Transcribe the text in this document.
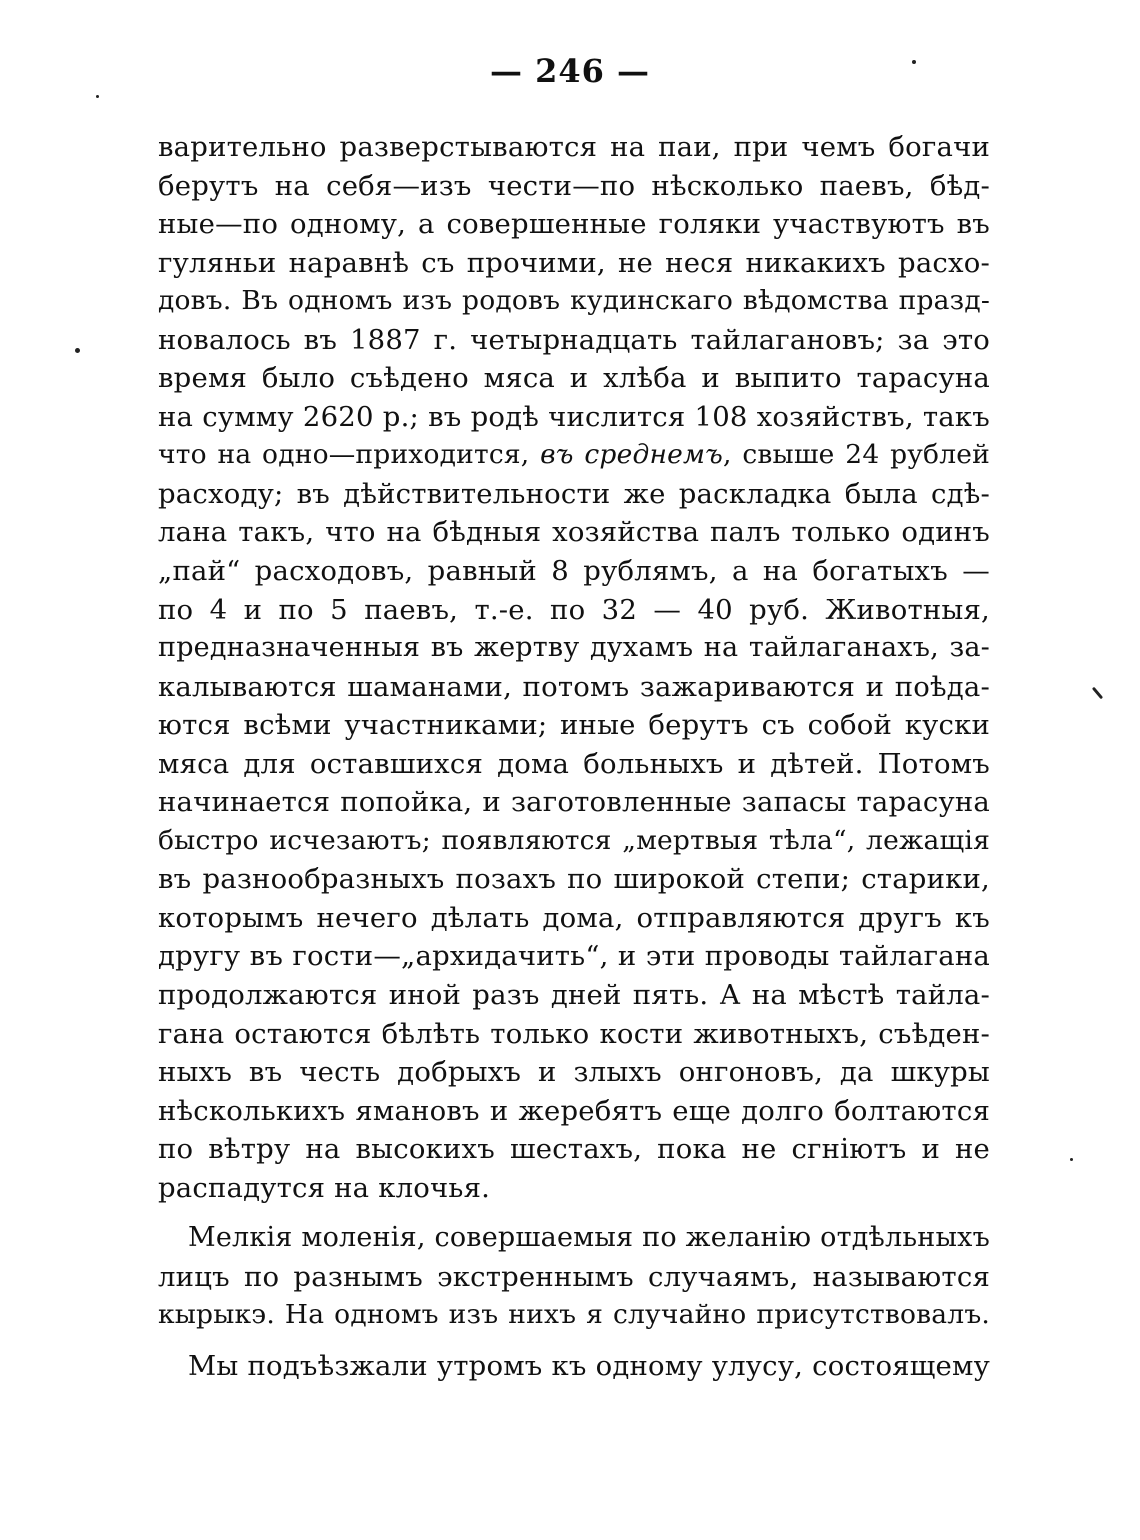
— 246 —
варительно разверстываются на паи, при чемъ богачи
берутъ на себя—изъ чести—по нѣсколько паевъ, бѣд-
ные—по одному, а совершенные голяки участвуютъ въ
гуляньи наравнѣ съ прочими, не неся никакихъ расхо-
довъ. Въ одномъ изъ родовъ кудинскаго вѣдомства празд-
новалось въ 1887 г. четырнадцать тайлагановъ; за это
время было съѣдено мяса и хлѣба и выпито тарасуна
на сумму 2620 р.; въ родѣ числится 108 хозяйствъ, такъ
что на одно—приходится, въ среднемъ, свыше 24 рублей
расходу; въ дѣйствительности же раскладка была сдѣ-
лана такъ, что на бѣдныя хозяйства палъ только одинъ
„пай“ расходовъ, равный 8 рублямъ, а на богатыхъ —
по 4 и по 5 паевъ, т.-е. по 32 — 40 руб. Животныя,
предназначенныя въ жертву духамъ на тайлаганахъ, за-
калываются шаманами, потомъ зажариваются и поѣда-
ются всѣми участниками; иные берутъ съ собой куски
мяса для оставшихся дома больныхъ и дѣтей. Потомъ
начинается попойка, и заготовленные запасы тарасуна
быстро исчезаютъ; появляются „мертвыя тѣла“, лежащія
въ разнообразныхъ позахъ по широкой степи; старики,
которымъ нечего дѣлать дома, отправляются другъ къ
другу въ гости—„архидачить“, и эти проводы тайлагана
продолжаются иной разъ дней пять. А на мѣстѣ тайла-
гана остаются бѣлѣть только кости животныхъ, съѣден-
ныхъ въ честь добрыхъ и злыхъ онгоновъ, да шкуры
нѣсколькихъ ямановъ и жеребятъ еще долго болтаются
по вѣтру на высокихъ шестахъ, пока не сгніютъ и не
распадутся на клочья.
Мелкія моленія, совершаемыя по желанію отдѣльныхъ
лицъ по разнымъ экстреннымъ случаямъ, называются
кырыкэ. На одномъ изъ нихъ я случайно присутствовалъ.
Мы подъѣзжали утромъ къ одному улусу, состоящему
